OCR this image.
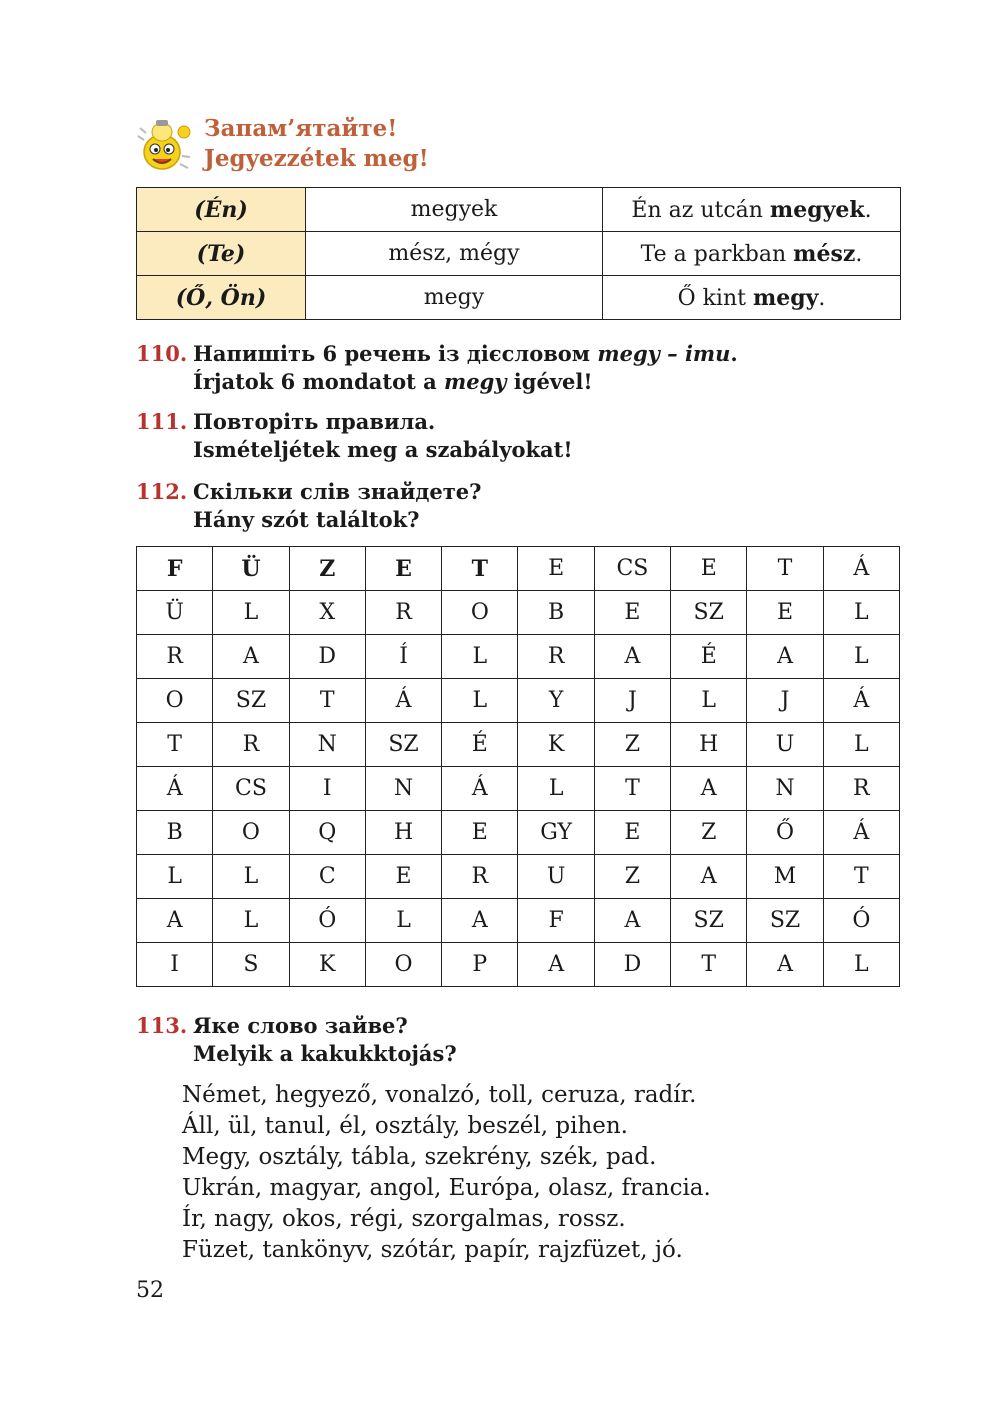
Запам’ятайте!
Jegyezzétek meg!
(Én)	megyek	Én az utcán megyek.
(Te)	mész, mégy	Te a parkban mész.
(Ő, Ön)	megy	Ő kint megy.
110. Напишіть 6 речень із дієсловом megy – іти.
Írjatok 6 mondatot a megy igével!
111. Повторіть правила.
Ismételjétek meg a szabályokat!
112. Скільки слів знайдете?
Hány szót találtok?
F	Ü	Z	E	T	E	CS	E	T	Á
Ü	L	X	R	O	B	E	SZ	E	L
R	A	D	Í	L	R	A	É	A	L
O	SZ	T	Á	L	Y	J	L	J	Á
T	R	N	SZ	É	K	Z	H	U	L
Á	CS	I	N	Á	L	T	A	N	R
B	O	Q	H	E	GY	E	Z	Ő	Á
L	L	C	E	R	U	Z	A	M	T
A	L	Ó	L	A	F	A	SZ	SZ	Ó
I	S	K	O	P	A	D	T	A	L
113. Яке слово зайве?
Melyik a kakukktojás?
Német, hegyező, vonalzó, toll, ceruza, radír.
Áll, ül, tanul, él, osztály, beszél, pihen.
Megy, osztály, tábla, szekrény, szék, pad.
Ukrán, magyar, angol, Európa, olasz, francia.
Ír, nagy, okos, régi, szorgalmas, rossz.
Füzet, tankönyv, szótár, papír, rajzfüzet, jó.
52
